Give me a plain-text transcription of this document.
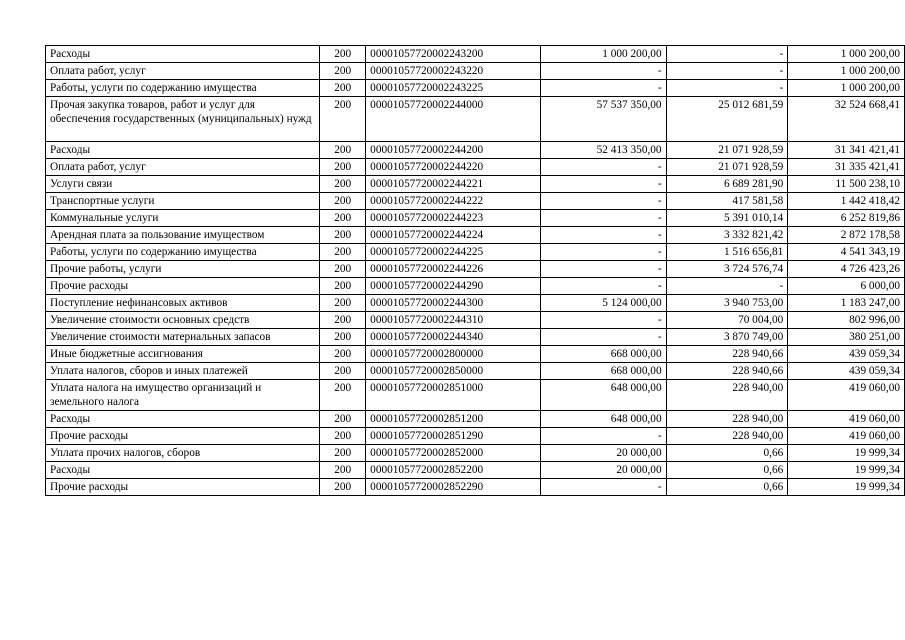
Расходы	200	00001057720002243200	1 000 200,00	-	1 000 200,00
Оплата работ, услуг	200	00001057720002243220	-	-	1 000 200,00
Работы, услуги по содержанию имущества	200	00001057720002243225	-	-	1 000 200,00
Прочая закупка товаров, работ и услуг для обеспечения государственных (муниципальных) нужд	200	00001057720002244000	57 537 350,00	25 012 681,59	32 524 668,41
Расходы	200	00001057720002244200	52 413 350,00	21 071 928,59	31 341 421,41
Оплата работ, услуг	200	00001057720002244220	-	21 071 928,59	31 335 421,41
Услуги связи	200	00001057720002244221	-	6 689 281,90	11 500 238,10
Транспортные услуги	200	00001057720002244222	-	417 581,58	1 442 418,42
Коммунальные услуги	200	00001057720002244223	-	5 391 010,14	6 252 819,86
Арендная плата за пользование имуществом	200	00001057720002244224	-	3 332 821,42	2 872 178,58
Работы, услуги по содержанию имущества	200	00001057720002244225	-	1 516 656,81	4 541 343,19
Прочие работы, услуги	200	00001057720002244226	-	3 724 576,74	4 726 423,26
Прочие расходы	200	00001057720002244290	-	-	6 000,00
Поступление нефинансовых активов	200	00001057720002244300	5 124 000,00	3 940 753,00	1 183 247,00
Увеличение стоимости основных средств	200	00001057720002244310	-	70 004,00	802 996,00
Увеличение стоимости материальных запасов	200	00001057720002244340	-	3 870 749,00	380 251,00
Иные бюджетные ассигнования	200	00001057720002800000	668 000,00	228 940,66	439 059,34
Уплата налогов, сборов и иных платежей	200	00001057720002850000	668 000,00	228 940,66	439 059,34
Уплата налога на имущество организаций и земельного налога	200	00001057720002851000	648 000,00	228 940,00	419 060,00
Расходы	200	00001057720002851200	648 000,00	228 940,00	419 060,00
Прочие расходы	200	00001057720002851290	-	228 940,00	419 060,00
Уплата прочих налогов, сборов	200	00001057720002852000	20 000,00	0,66	19 999,34
Расходы	200	00001057720002852200	20 000,00	0,66	19 999,34
Прочие расходы	200	00001057720002852290	-	0,66	19 999,34
